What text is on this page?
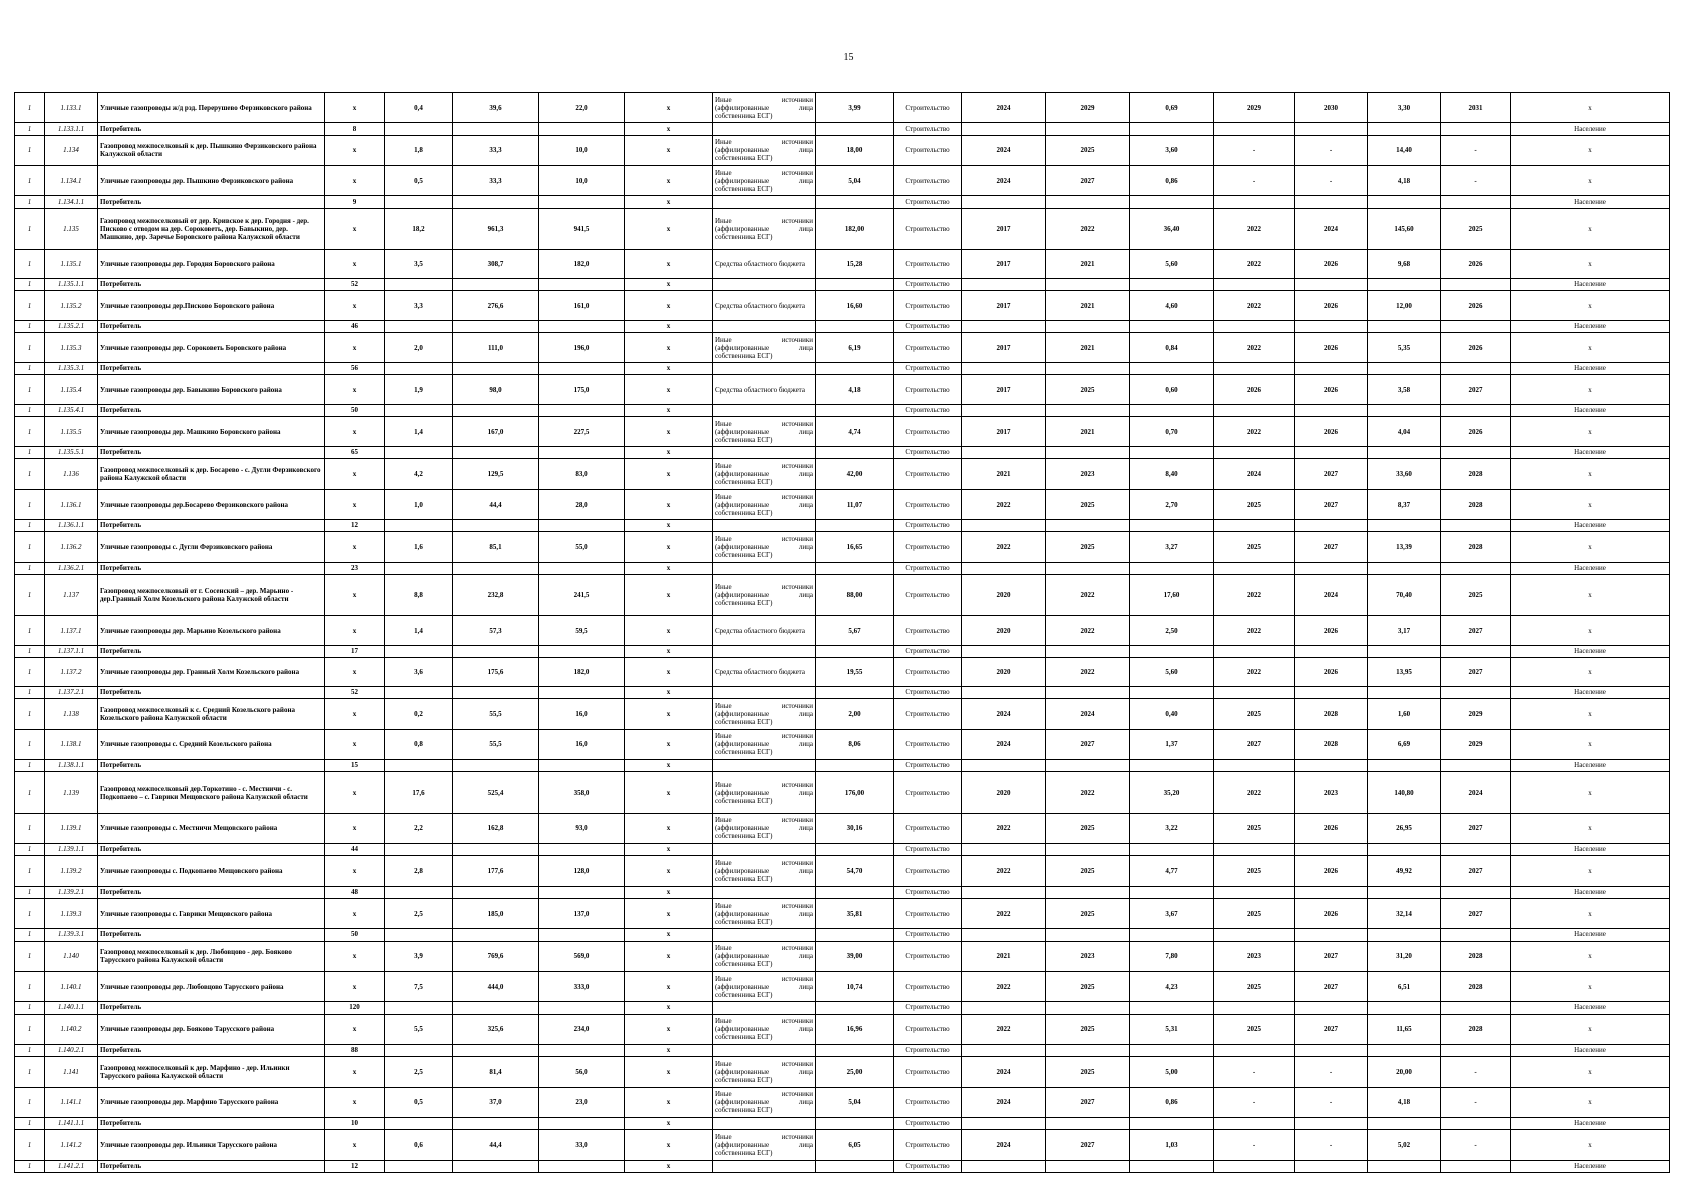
15
1	1.133.1	Уличные газопроводы ж/д рзд. Перерушево Ферзиковского района	x	0,4	39,6	22,0	x	Иные источники (аффилированные лица собственника ЕСГ)	3,99	Строительство	2024	2029	0,69	2029	2030	3,30	2031	x
1	1.133.1.1	Потребитель	8				x			Строительство								Население
1	1.134	Газопровод межпоселковый к дер. Пышкино Ферзиковского района Калужской области	x	1,8	33,3	10,0	x	Иные источники (аффилированные лица собственника ЕСГ)	18,00	Строительство	2024	2025	3,60	-	-	14,40	-	x
1	1.134.1	Уличные газопроводы дер. Пышкино Ферзиковского района	x	0,5	33,3	10,0	x	Иные источники (аффилированные лица собственника ЕСГ)	5,04	Строительство	2024	2027	0,86	-	-	4,18	-	x
1	1.134.1.1	Потребитель	9				x			Строительство								Население
1	1.135	Газопровод межпоселковый от дер. Кривское к дер. Городня - дер. Писково с отводом на дер. Сороковеть, дер. Бавыкино, дер. Машкино, дер. Заречье Боровского района Калужской области	x	18,2	961,3	941,5	x	Иные источники (аффилированные лица собственника ЕСГ)	182,00	Строительство	2017	2022	36,40	2022	2024	145,60	2025	x
1	1.135.1	Уличные газопроводы дер. Городня Боровского района	x	3,5	308,7	182,0	x	Средства областного бюджета	15,28	Строительство	2017	2021	5,60	2022	2026	9,68	2026	x
1	1.135.1.1	Потребитель	52				x			Строительство								Население
1	1.135.2	Уличные газопроводы дер.Писково Боровского района	x	3,3	276,6	161,0	x	Средства областного бюджета	16,60	Строительство	2017	2021	4,60	2022	2026	12,00	2026	x
1	1.135.2.1	Потребитель	46				x			Строительство								Население
1	1.135.3	Уличные газопроводы дер. Сороковеть Боровского района	x	2,0	111,0	196,0	x	Иные источники (аффилированные лица собственника ЕСГ)	6,19	Строительство	2017	2021	0,84	2022	2026	5,35	2026	x
1	1.135.3.1	Потребитель	56				x			Строительство								Население
1	1.135.4	Уличные газопроводы дер. Бавыкино Боровского района	x	1,9	98,0	175,0	x	Средства областного бюджета	4,18	Строительство	2017	2025	0,60	2026	2026	3,58	2027	x
1	1.135.4.1	Потребитель	50				x			Строительство								Население
1	1.135.5	Уличные газопроводы дер. Машкино Боровского района	x	1,4	167,0	227,5	x	Иные источники (аффилированные лица собственника ЕСГ)	4,74	Строительство	2017	2021	0,70	2022	2026	4,04	2026	x
1	1.135.5.1	Потребитель	65				x			Строительство								Население
1	1.136	Газопровод межпоселковый к дер. Босарево - с. Дугли Ферзиковского района Калужской области	x	4,2	129,5	83,0	x	Иные источники (аффилированные лица собственника ЕСГ)	42,00	Строительство	2021	2023	8,40	2024	2027	33,60	2028	x
1	1.136.1	Уличные газопроводы дер.Босарево Ферзиковского района	x	1,0	44,4	28,0	x	Иные источники (аффилированные лица собственника ЕСГ)	11,07	Строительство	2022	2025	2,70	2025	2027	8,37	2028	x
1	1.136.1.1	Потребитель	12				x			Строительство								Население
1	1.136.2	Уличные газопроводы с. Дугли Ферзиковского района	x	1,6	85,1	55,0	x	Иные источники (аффилированные лица собственника ЕСГ)	16,65	Строительство	2022	2025	3,27	2025	2027	13,39	2028	x
1	1.136.2.1	Потребитель	23				x			Строительство								Население
1	1.137	Газопровод межпоселковый от г. Сосенский – дер. Марьино - дер.Гранный Холм Козельского района Калужской области	x	8,8	232,8	241,5	x	Иные источники (аффилированные лица собственника ЕСГ)	88,00	Строительство	2020	2022	17,60	2022	2024	70,40	2025	x
1	1.137.1	Уличные газопроводы дер. Марьино Козельского района	x	1,4	57,3	59,5	x	Средства областного бюджета	5,67	Строительство	2020	2022	2,50	2022	2026	3,17	2027	x
1	1.137.1.1	Потребитель	17				x			Строительство								Население
1	1.137.2	Уличные газопроводы дер. Гранный Холм Козельского района	x	3,6	175,6	182,0	x	Средства областного бюджета	19,55	Строительство	2020	2022	5,60	2022	2026	13,95	2027	x
1	1.137.2.1	Потребитель	52				x			Строительство								Население
1	1.138	Газопровод межпоселковый к с. Средний Козельского района Козельского района Калужской области	x	0,2	55,5	16,0	x	Иные источники (аффилированные лица собственника ЕСГ)	2,00	Строительство	2024	2024	0,40	2025	2028	1,60	2029	x
1	1.138.1	Уличные газопроводы с. Средний Козельского района	x	0,8	55,5	16,0	x	Иные источники (аффилированные лица собственника ЕСГ)	8,06	Строительство	2024	2027	1,37	2027	2028	6,69	2029	x
1	1.138.1.1	Потребитель	15				x			Строительство								Население
1	1.139	Газопровод межпоселковый дер.Торкотино - с. Местничи - с. Подкопаево – с. Гаврики Мещовского района Калужской области	x	17,6	525,4	358,0	x	Иные источники (аффилированные лица собственника ЕСГ)	176,00	Строительство	2020	2022	35,20	2022	2023	140,80	2024	x
1	1.139.1	Уличные газопроводы с. Местничи Мещовского района	x	2,2	162,8	93,0	x	Иные источники (аффилированные лица собственника ЕСГ)	30,16	Строительство	2022	2025	3,22	2025	2026	26,95	2027	x
1	1.139.1.1	Потребитель	44				x			Строительство								Население
1	1.139.2	Уличные газопроводы с. Подкопаево Мещовского района	x	2,8	177,6	128,0	x	Иные источники (аффилированные лица собственника ЕСГ)	54,70	Строительство	2022	2025	4,77	2025	2026	49,92	2027	x
1	1.139.2.1	Потребитель	48				x			Строительство								Население
1	1.139.3	Уличные газопроводы с. Гаврики Мещовского района	x	2,5	185,0	137,0	x	Иные источники (аффилированные лица собственника ЕСГ)	35,81	Строительство	2022	2025	3,67	2025	2026	32,14	2027	x
1	1.139.3.1	Потребитель	50				x			Строительство								Население
1	1.140	Газопровод межпоселковый к дер. Любовцово - дер. Бояково Тарусского района Калужской области	x	3,9	769,6	569,0	x	Иные источники (аффилированные лица собственника ЕСГ)	39,00	Строительство	2021	2023	7,80	2023	2027	31,20	2028	x
1	1.140.1	Уличные газопроводы дер. Любовцово Тарусского района	x	7,5	444,0	333,0	x	Иные источники (аффилированные лица собственника ЕСГ)	10,74	Строительство	2022	2025	4,23	2025	2027	6,51	2028	x
1	1.140.1.1	Потребитель	120				x			Строительство								Население
1	1.140.2	Уличные газопроводы дер. Бояково Тарусского района	x	5,5	325,6	234,0	x	Иные источники (аффилированные лица собственника ЕСГ)	16,96	Строительство	2022	2025	5,31	2025	2027	11,65	2028	x
1	1.140.2.1	Потребитель	88				x			Строительство								Население
1	1.141	Газопровод межпоселковый к дер. Марфино - дер. Ильинки Тарусского района Калужской области	x	2,5	81,4	56,0	x	Иные источники (аффилированные лица собственника ЕСГ)	25,00	Строительство	2024	2025	5,00	-	-	20,00	-	x
1	1.141.1	Уличные газопроводы дер. Марфино Тарусского района	x	0,5	37,0	23,0	x	Иные источники (аффилированные лица собственника ЕСГ)	5,04	Строительство	2024	2027	0,86	-	-	4,18	-	x
1	1.141.1.1	Потребитель	10				x			Строительство								Население
1	1.141.2	Уличные газопроводы дер. Ильинки Тарусского района	x	0,6	44,4	33,0	x	Иные источники (аффилированные лица собственника ЕСГ)	6,05	Строительство	2024	2027	1,03	-	-	5,02	-	x
1	1.141.2.1	Потребитель	12				x			Строительство								Население
